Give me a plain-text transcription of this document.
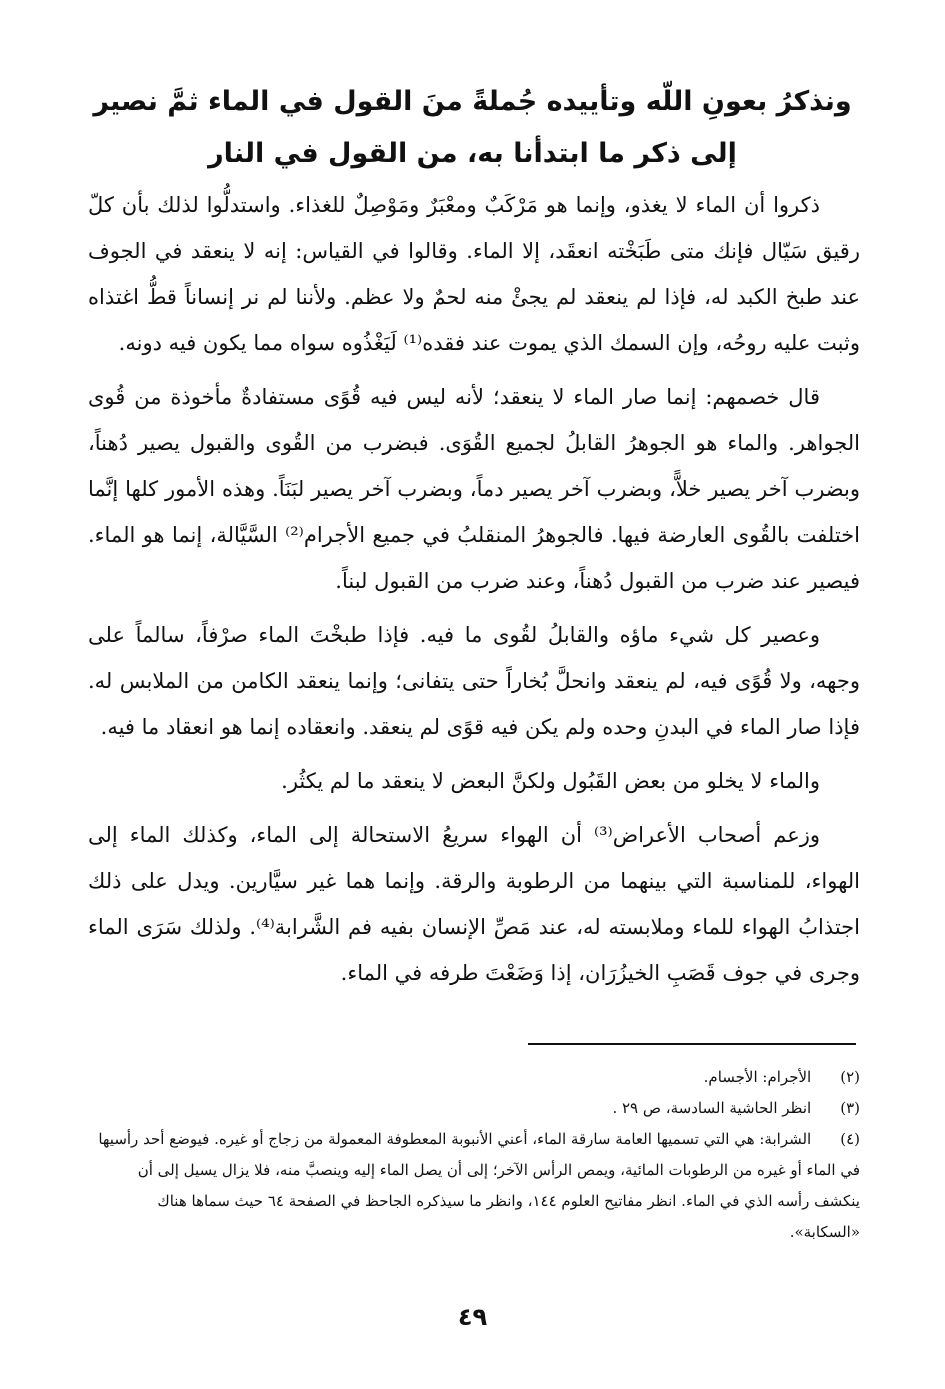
ونذكرُ بعونِ اللّه وتأييده جُملةً منَ القول في الماء ثمَّ نصير
إلى ذكر ما ابتدأنا به، من القول في النار

ذكروا أن الماء لا يغذو، وإنما هو مَرْكَبٌ ومعْبَرٌ ومَوْصِلٌ للغذاء. واستدلُّوا لذلك بأن كلّ رقيق سَيّال فإنك متى طَبَخْته انعقَد، إلا الماء. وقالوا في القياس: إنه لا ينعقد في الجوف عند طبخ الكبد له، فإذا لم ينعقد لم يجئْ منه لحمٌ ولا عظم. ولأننا لم نر إنساناً قطُّ اغتذاه وثبت عليه روحُه، وإن السمك الذي يموت عند فقده⁽¹⁾ لَيَغْذُوه سواه مما يكون فيه دونه.

قال خصمهم: إنما صار الماء لا ينعقد؛ لأنه ليس فيه قُوًى مستفادةٌ مأخوذة من قُوى الجواهر. والماء هو الجوهرُ القابلُ لجميع القُوَى. فبضرب من القُوى والقبول يصير دُهناً، وبضرب آخر يصير خلاًّ، وبضرب آخر يصير دماً، وبضرب آخر يصير لبَنَاً. وهذه الأمور كلها إنَّما اختلفت بالقُوى العارضة فيها. فالجوهرُ المنقلبُ في جميع الأجرام⁽²⁾ السَّيَّالة، إنما هو الماء. فيصير عند ضرب من القبول دُهناً، وعند ضرب من القبول لبناً.

وعصير كل شيء ماؤه والقابلُ لقُوى ما فيه. فإذا طبخْتَ الماء صرْفاً، سالماً على وجهه، ولا قُوًى فيه، لم ينعقد وانحلَّ بُخاراً حتى يتفانى؛ وإنما ينعقد الكامن من الملابس له. فإذا صار الماء في البدنِ وحده ولم يكن فيه قوًى لم ينعقد. وانعقاده إنما هو انعقاد ما فيه.

والماء لا يخلو من بعض القَبُول ولكنَّ البعض لا ينعقد ما لم يكثُر.

وزعم أصحاب الأعراض⁽³⁾ أن الهواء سريعُ الاستحالة إلى الماء، وكذلك الماء إلى الهواء، للمناسبة التي بينهما من الرطوبة والرقة. وإنما هما غير سيَّارين. ويدل على ذلك اجتذابُ الهواء للماء وملابسته له، عند مَصِّ الإنسان بفيه فم الشَّرابة⁽⁴⁾. ولذلك سَرَى الماء وجرى في جوف قَصَبِ الخيزُرَان، إذا وَضَعْتَ طرفه في الماء.

(٢) الأجرام: الأجسام.

(٣) انظر الحاشية السادسة، ص ٢٩ .

(٤) الشرابة: هي التي تسميها العامة سارقة الماء، أعني الأنبوبة المعطوفة المعمولة من زجاج أو غيره. فيوضع أحد رأسيها في الماء أو غيره من الرطوبات المائية، ويمص الرأس الآخر؛ إلى أن يصل الماء إليه وينصبَّ منه، فلا يزال يسيل إلى أن ينكشف رأسه الذي في الماء. انظر مفاتيح العلوم ١٤٤، وانظر ما سيذكره الجاحظ في الصفحة ٦٤ حيث سماها هناك «السكابة».

٤٩
